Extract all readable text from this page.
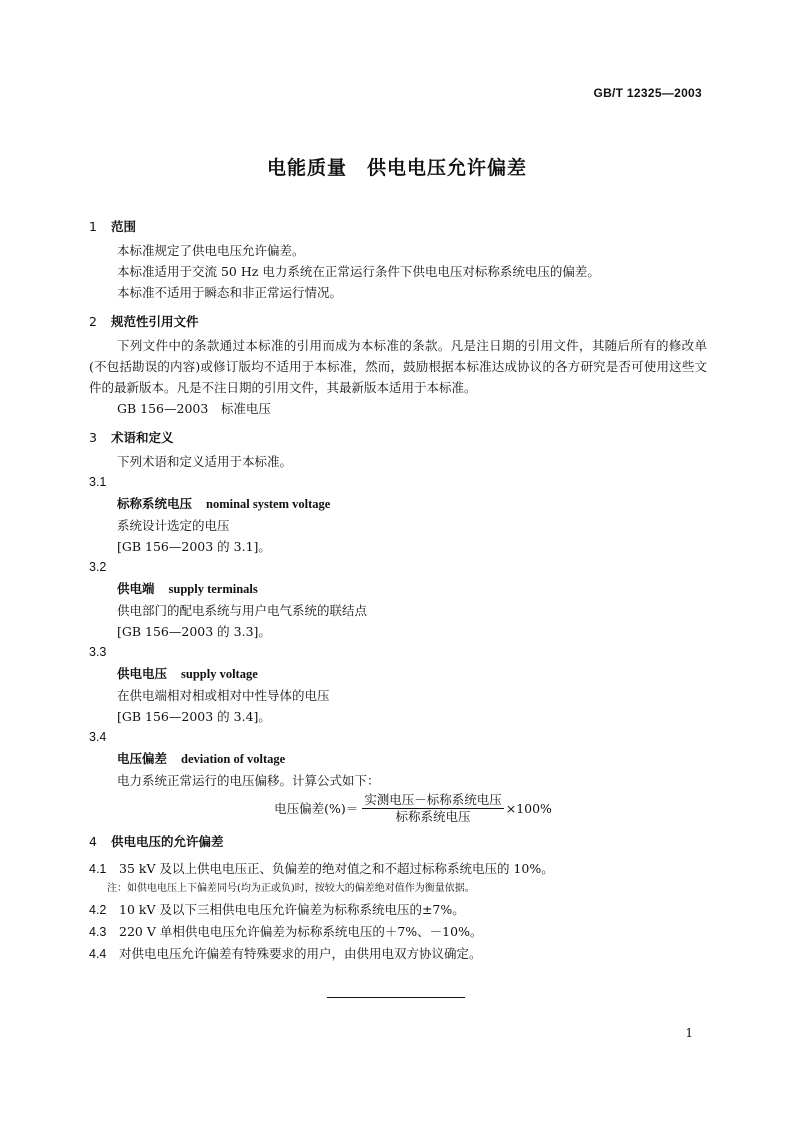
GB/T 12325—2003
电能质量　供电电压允许偏差
1 范围
本标准规定了供电电压允许偏差。
本标准适用于交流 50 Hz 电力系统在正常运行条件下供电电压对标称系统电压的偏差。
本标准不适用于瞬态和非正常运行情况。
2 规范性引用文件
下列文件中的条款通过本标准的引用而成为本标准的条款。凡是注日期的引用文件，其随后所有的修改单(不包括勘误的内容)或修订版均不适用于本标准，然而，鼓励根据本标准达成协议的各方研究是否可使用这些文件的最新版本。凡是不注日期的引用文件，其最新版本适用于本标准。
GB 156—2003　标准电压
3 术语和定义
下列术语和定义适用于本标准。
3.1
标称系统电压 nominal system voltage
系统设计选定的电压
[GB 156—2003 的 3.1]。
3.2
供电端 supply terminals
供电部门的配电系统与用户电气系统的联结点
[GB 156—2003 的 3.3]。
3.3
供电电压 supply voltage
在供电端相对相或相对中性导体的电压
[GB 156—2003 的 3.4]。
3.4
电压偏差 deviation of voltage
电力系统正常运行的电压偏移。计算公式如下：
电压偏差(%)＝ $\frac{\text{实测电压－标称系统电压}}{\text{标称系统电压}} \times 100\%$
4 供电电压的允许偏差
4.1 35 kV 及以上供电电压正、负偏差的绝对值之和不超过标称系统电压的 10%。
注：如供电电压上下偏差同号(均为正或负)时，按较大的偏差绝对值作为衡量依据。
4.2 10 kV 及以下三相供电电压允许偏差为标称系统电压的±7%。
4.3 220 V 单相供电电压允许偏差为标称系统电压的＋7%、－10%。
4.4 对供电电压允许偏差有特殊要求的用户，由供用电双方协议确定。
1
